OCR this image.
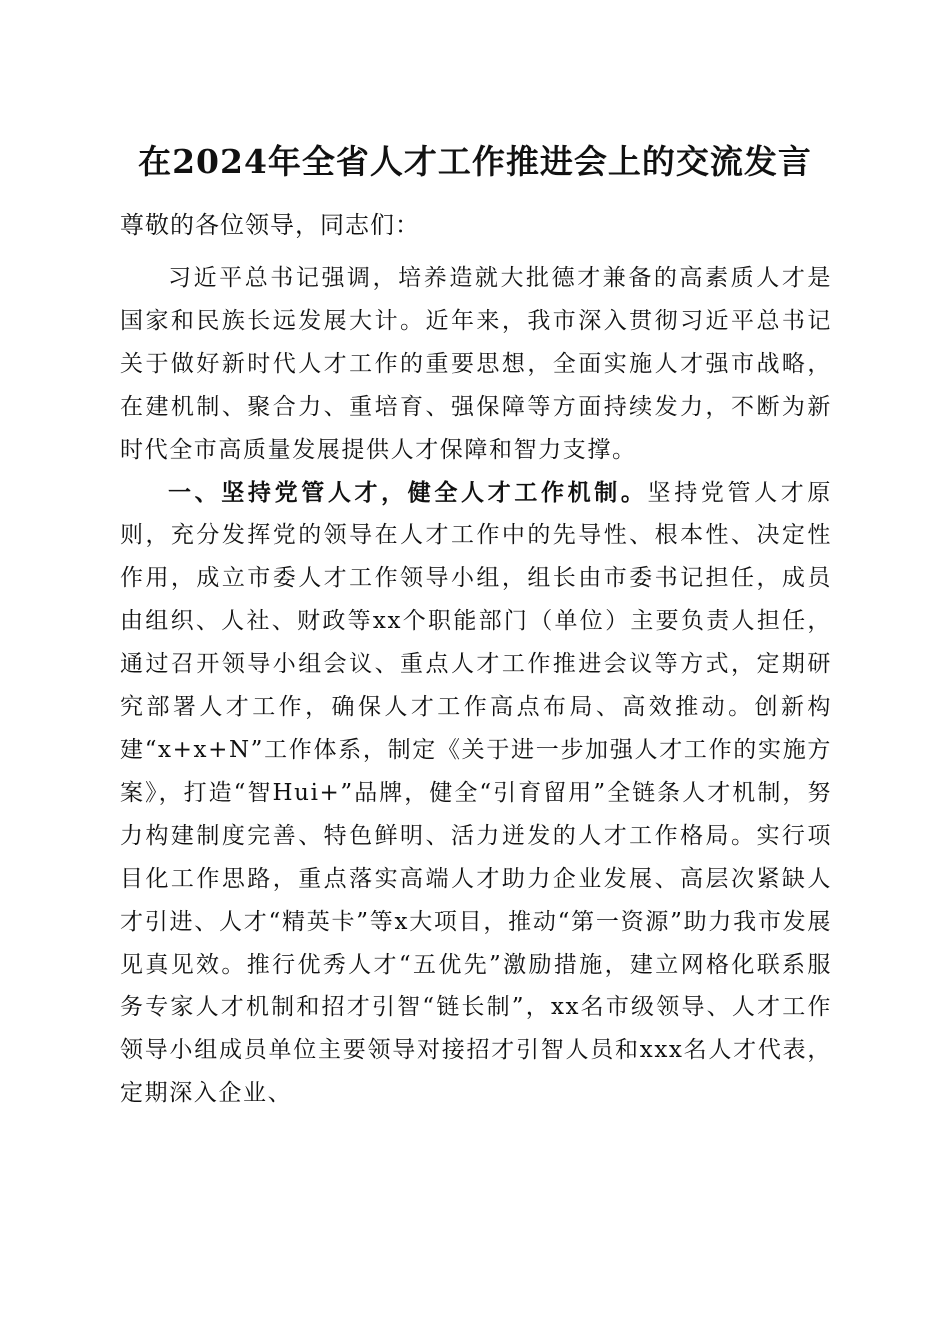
在2024年全省人才工作推进会上的交流发言

尊敬的各位领导，同志们：

习近平总书记强调，培养造就大批德才兼备的高素质人才是国家和民族长远发展大计。近年来，我市深入贯彻习近平总书记关于做好新时代人才工作的重要思想，全面实施人才强市战略，在建机制、聚合力、重培育、强保障等方面持续发力，不断为新时代全市高质量发展提供人才保障和智力支撑。

一、坚持党管人才，健全人才工作机制。坚持党管人才原则，充分发挥党的领导在人才工作中的先导性、根本性、决定性作用，成立市委人才工作领导小组，组长由市委书记担任，成员由组织、人社、财政等xx个职能部门（单位）主要负责人担任，通过召开领导小组会议、重点人才工作推进会议等方式，定期研究部署人才工作，确保人才工作高点布局、高效推动。创新构建“x+x+N”工作体系，制定《关于进一步加强人才工作的实施方案》，打造“智Hui+”品牌，健全“引育留用”全链条人才机制，努力构建制度完善、特色鲜明、活力迸发的人才工作格局。实行项目化工作思路，重点落实高端人才助力企业发展、高层次紧缺人才引进、人才“精英卡”等x大项目，推动“第一资源”助力我市发展见真见效。推行优秀人才“五优先”激励措施，建立网格化联系服务专家人才机制和招才引智“链长制”，xx名市级领导、人才工作领导小组成员单位主要领导对接招才引智人员和xxx名人才代表，定期深入企业、
